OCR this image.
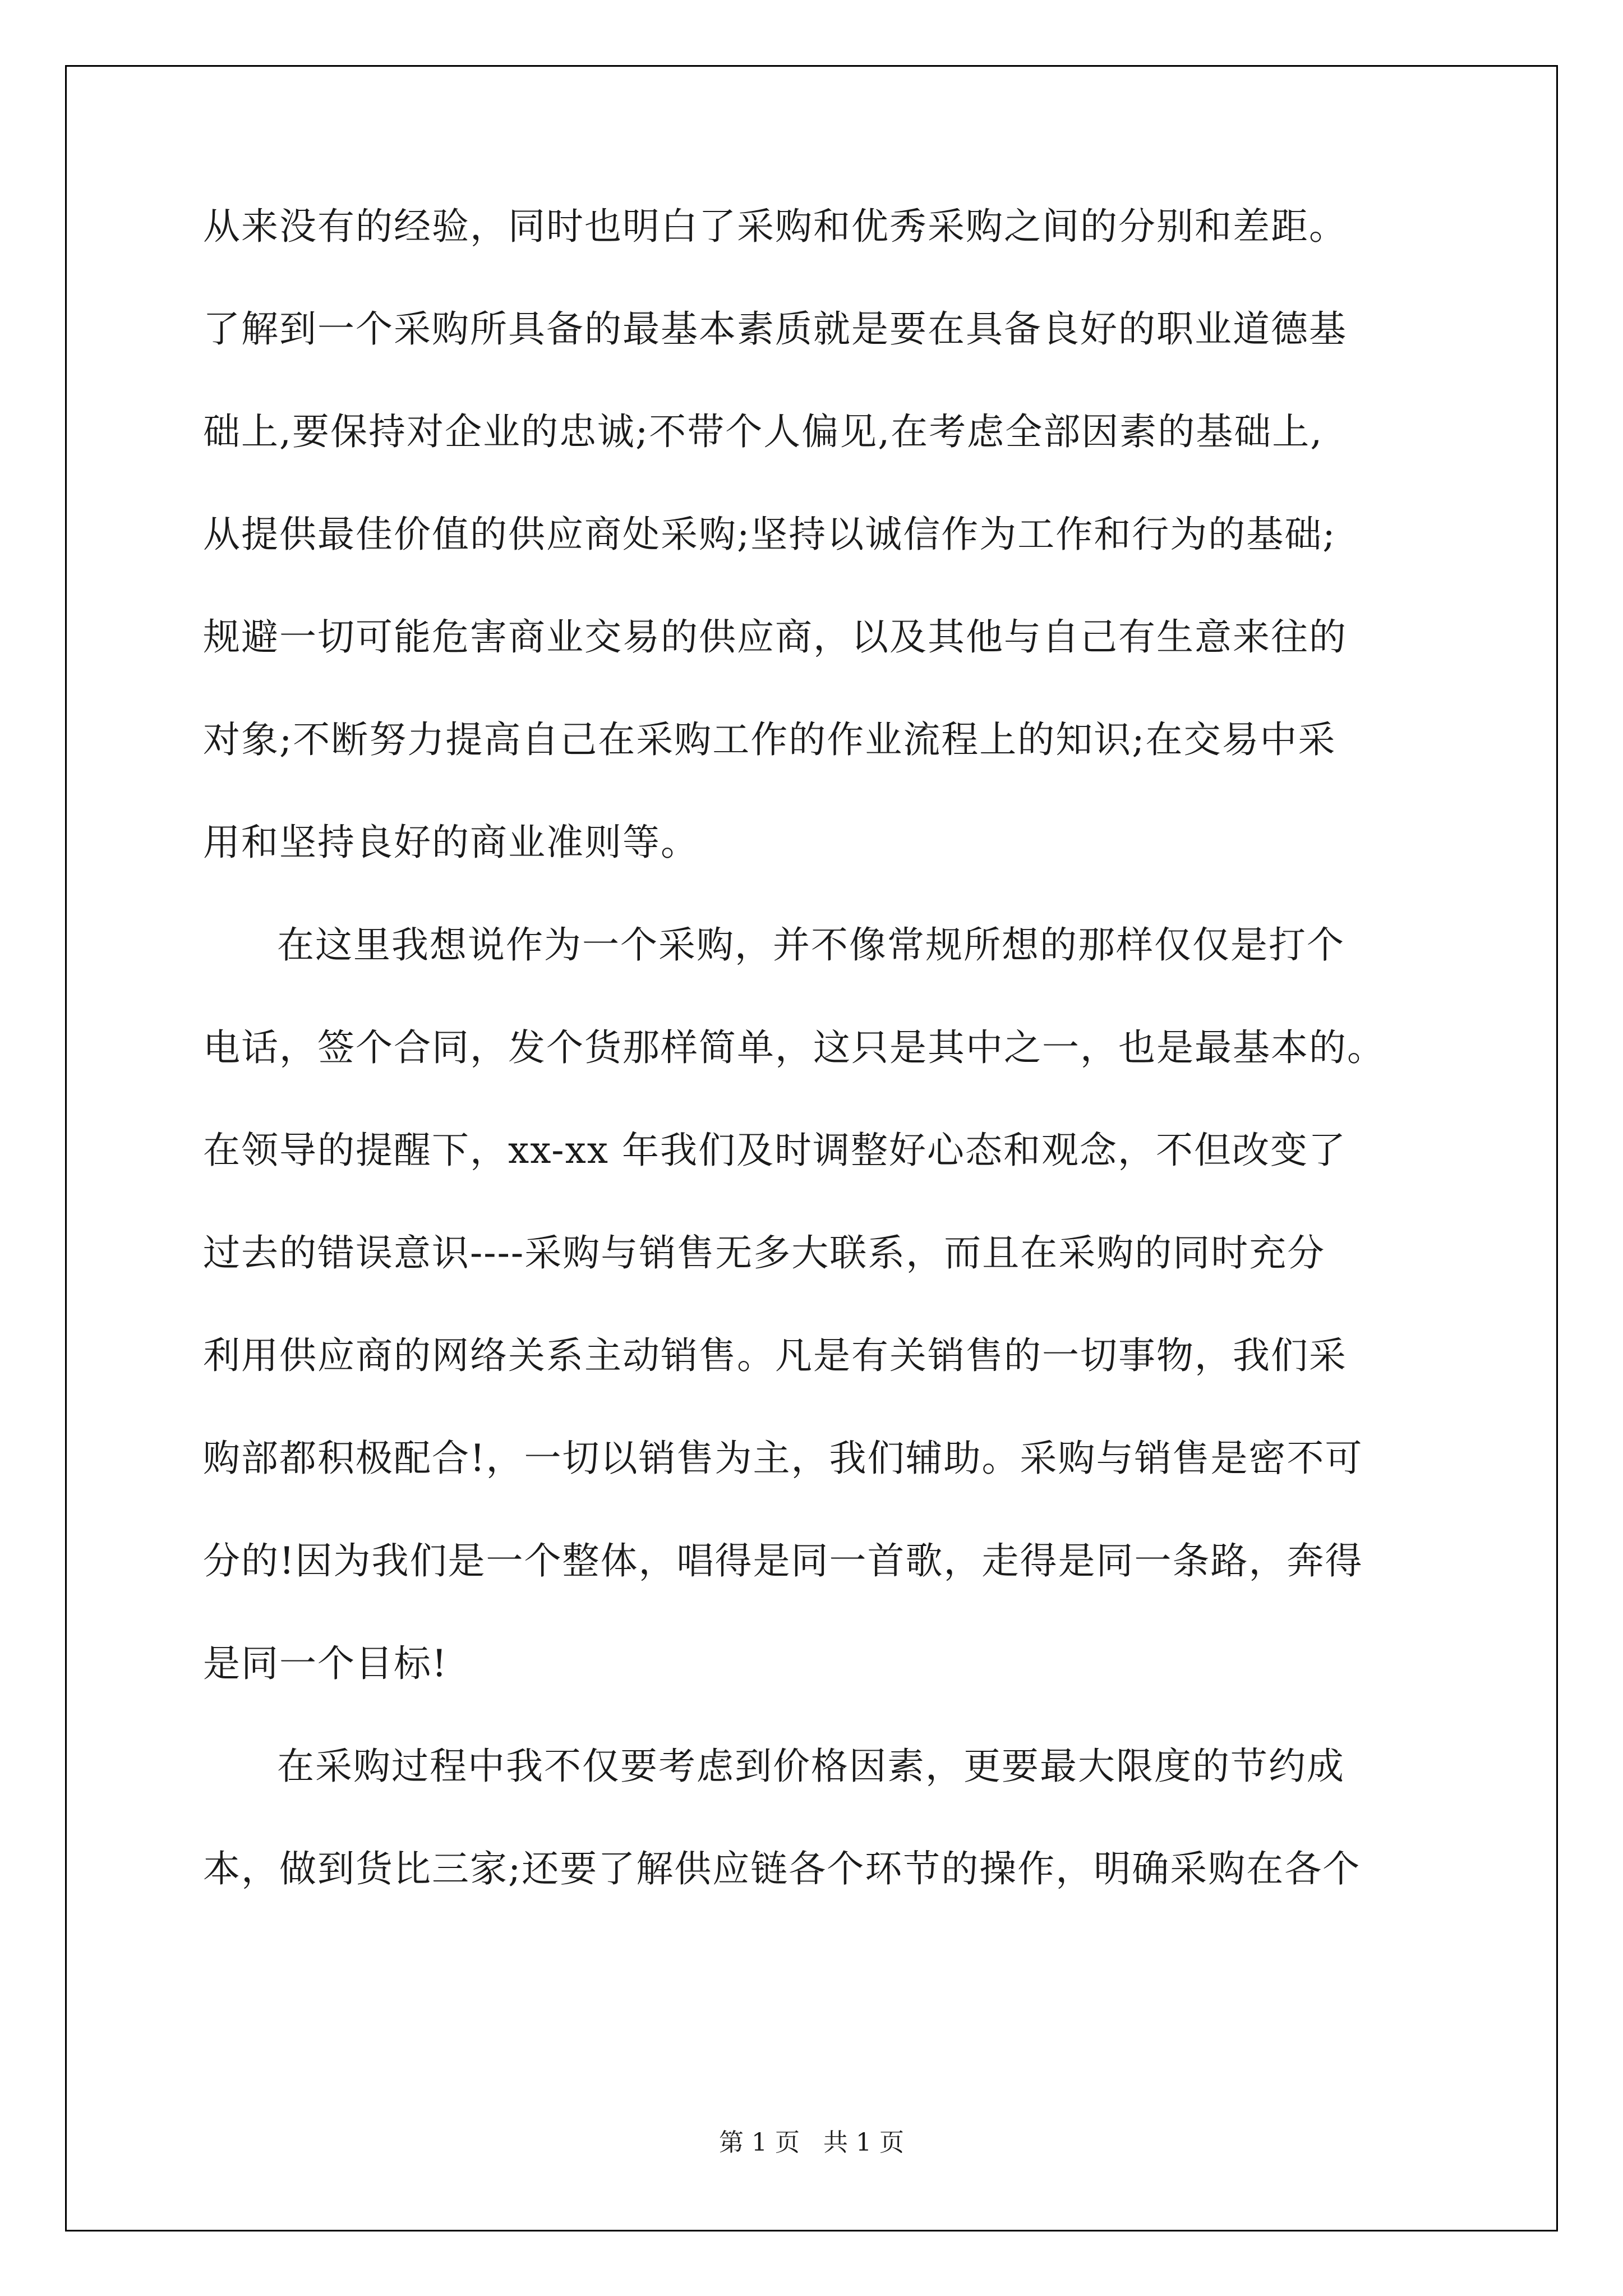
从来没有的经验，同时也明白了采购和优秀采购之间的分别和差距。
了解到一个采购所具备的最基本素质就是要在具备良好的职业道德基
础上,要保持对企业的忠诚;不带个人偏见,在考虑全部因素的基础上,
从提供最佳价值的供应商处采购;坚持以诚信作为工作和行为的基础;
规避一切可能危害商业交易的供应商，以及其他与自己有生意来往的
对象;不断努力提高自己在采购工作的作业流程上的知识;在交易中采
用和坚持良好的商业准则等。
在这里我想说作为一个采购，并不像常规所想的那样仅仅是打个
电话，签个合同，发个货那样简单，这只是其中之一，也是最基本的。
在领导的提醒下，xx-xx 年我们及时调整好心态和观念，不但改变了
过去的错误意识----采购与销售无多大联系，而且在采购的同时充分
利用供应商的网络关系主动销售。凡是有关销售的一切事物，我们采
购部都积极配合!，一切以销售为主，我们辅助。采购与销售是密不可
分的!因为我们是一个整体，唱得是同一首歌，走得是同一条路，奔得
是同一个目标!
在采购过程中我不仅要考虑到价格因素，更要最大限度的节约成
本，做到货比三家;还要了解供应链各个环节的操作，明确采购在各个
第 1 页   共 1 页
